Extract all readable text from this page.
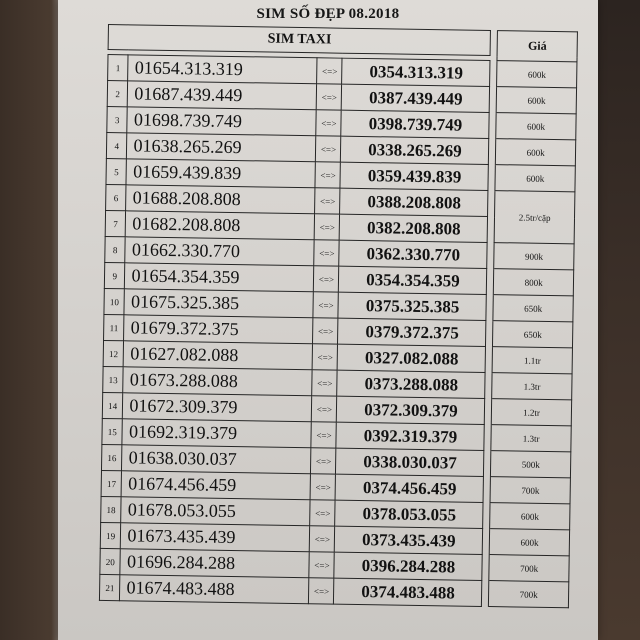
SIM SỐ ĐẸP 08.2018
SIM TAXI					Giá

1	01654.313.319	<=>	0354.313.319		600k
2	01687.439.449	<=>	0387.439.449		600k
3	01698.739.749	<=>	0398.739.749		600k
4	01638.265.269	<=>	0338.265.269		600k
5	01659.439.839	<=>	0359.439.839		600k
6	01688.208.808	<=>	0388.208.808		2.5tr/cặp
7	01682.208.808	<=>	0382.208.808		
8	01662.330.770	<=>	0362.330.770		900k
9	01654.354.359	<=>	0354.354.359		800k
10	01675.325.385	<=>	0375.325.385		650k
11	01679.372.375	<=>	0379.372.375		650k
12	01627.082.088	<=>	0327.082.088		1.1tr
13	01673.288.088	<=>	0373.288.088		1.3tr
14	01672.309.379	<=>	0372.309.379		1.2tr
15	01692.319.379	<=>	0392.319.379		1.3tr
16	01638.030.037	<=>	0338.030.037		500k
17	01674.456.459	<=>	0374.456.459		700k
18	01678.053.055	<=>	0378.053.055		600k
19	01673.435.439	<=>	0373.435.439		600k
20	01696.284.288	<=>	0396.284.288		700k
21	01674.483.488	<=>	0374.483.488		700k
